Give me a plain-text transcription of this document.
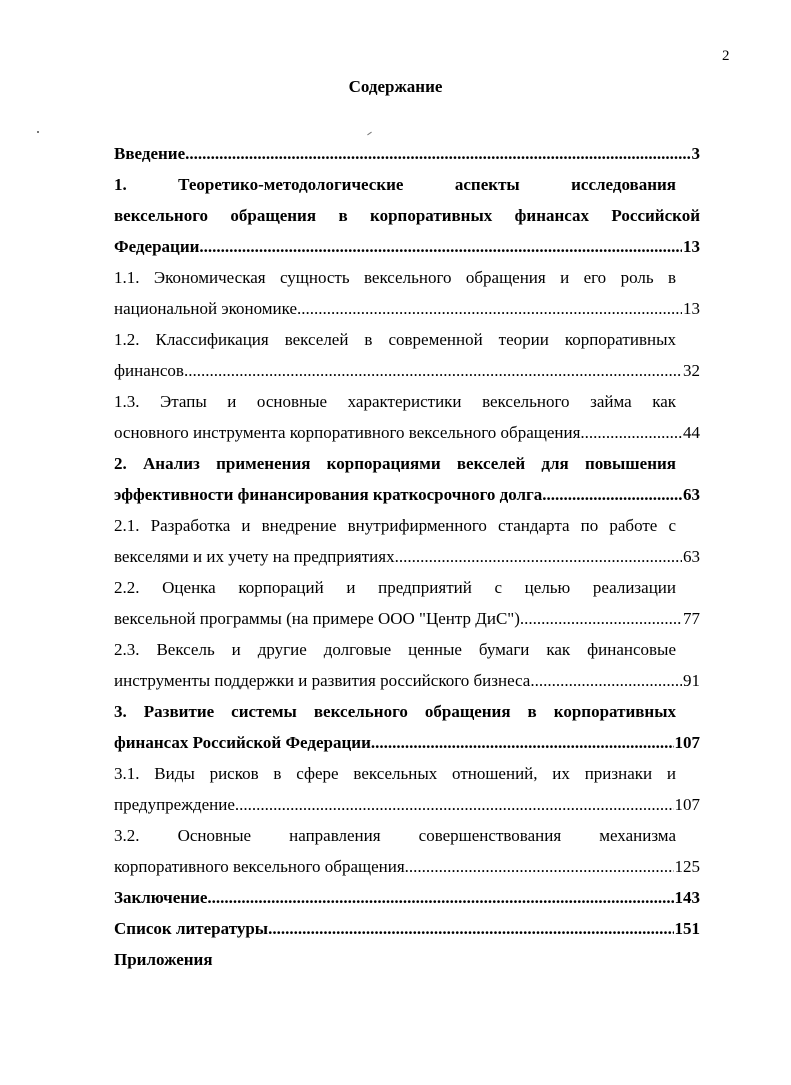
2
Содержание
Введение .....	3
1. Теоретико-методологические аспекты исследования
вексельного обращения в корпоративных финансах Российской
Федерации .....	13
1.1. Экономическая сущность вексельного обращения и его роль в
национальной экономике .....	13
1.2. Классификация векселей в современной теории корпоративных
финансов .....	32
1.3. Этапы и основные характеристики вексельного займа как
основного инструмента корпоративного вексельного обращения .....	44
2. Анализ применения корпорациями векселей для повышения
эффективности финансирования краткосрочного долга .....	63
2.1. Разработка и внедрение внутрифирменного стандарта по работе с
векселями и их учету на предприятиях .....	63
2.2. Оценка корпораций и предприятий с целью реализации
вексельной программы (на примере ООО "Центр ДиС") .....	77
2.3. Вексель и другие долговые ценные бумаги как финансовые
инструменты поддержки и развития российского бизнеса .....	91
3. Развитие системы вексельного обращения в корпоративных
финансах Российской Федерации .....	107
3.1. Виды рисков в сфере вексельных отношений, их признаки и
предупреждение .....	107
3.2. Основные направления совершенствования механизма
корпоративного вексельного обращения .....	125
Заключение .....	143
Список литературы .....	151
Приложения
